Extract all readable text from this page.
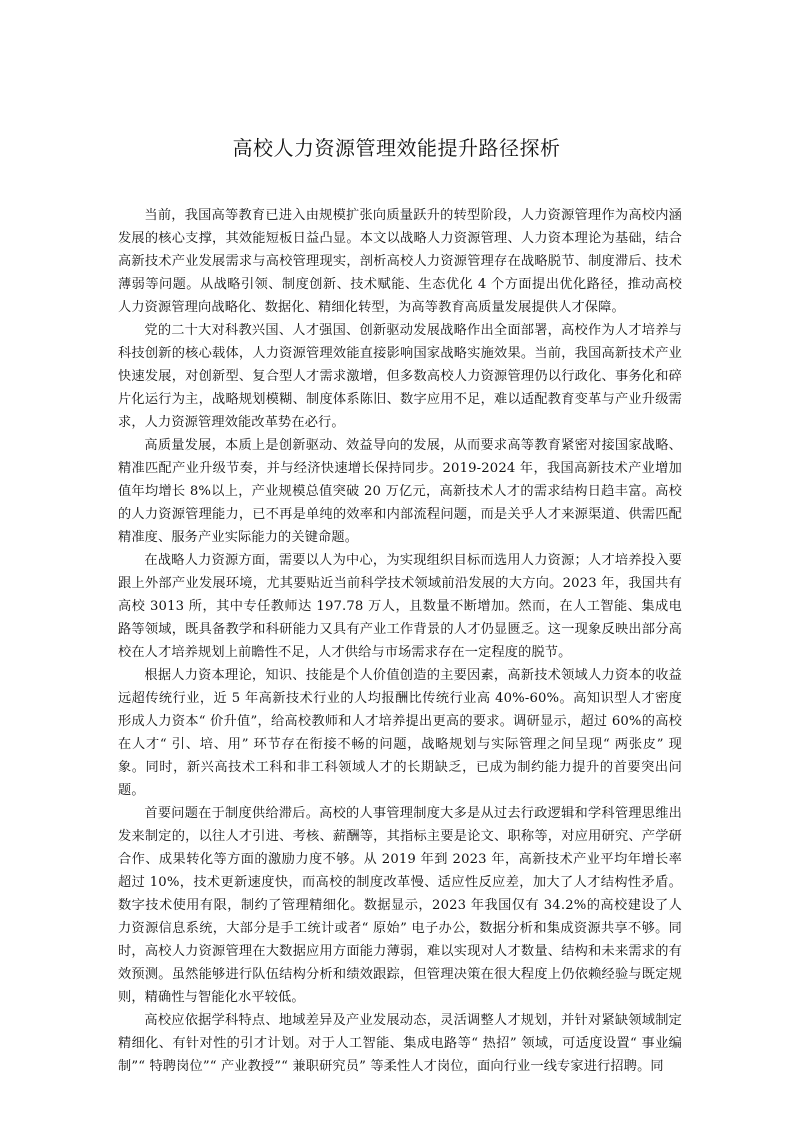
高校人力资源管理效能提升路径探析

当前，我国高等教育已进入由规模扩张向质量跃升的转型阶段，人力资源管理作为高校内涵发展的核心支撑，其效能短板日益凸显。本文以战略人力资源管理、人力资本理论为基础，结合高新技术产业发展需求与高校管理现实，剖析高校人力资源管理存在战略脱节、制度滞后、技术薄弱等问题。从战略引领、制度创新、技术赋能、生态优化 4 个方面提出优化路径，推动高校人力资源管理向战略化、数据化、精细化转型，为高等教育高质量发展提供人才保障。

党的二十大对科教兴国、人才强国、创新驱动发展战略作出全面部署，高校作为人才培养与科技创新的核心载体，人力资源管理效能直接影响国家战略实施效果。当前，我国高新技术产业快速发展，对创新型、复合型人才需求激增，但多数高校人力资源管理仍以行政化、事务化和碎片化运行为主，战略规划模糊、制度体系陈旧、数字应用不足，难以适配教育变革与产业升级需求，人力资源管理效能改革势在必行。

高质量发展，本质上是创新驱动、效益导向的发展，从而要求高等教育紧密对接国家战略、精准匹配产业升级节奏，并与经济快速增长保持同步。2019-2024 年，我国高新技术产业增加值年均增长 8%以上，产业规模总值突破 20 万亿元，高新技术人才的需求结构日趋丰富。高校的人力资源管理能力，已不再是单纯的效率和内部流程问题，而是关乎人才来源渠道、供需匹配精准度、服务产业实际能力的关键命题。

在战略人力资源方面，需要以人为中心，为实现组织目标而选用人力资源；人才培养投入要跟上外部产业发展环境，尤其要贴近当前科学技术领域前沿发展的大方向。2023 年，我国共有高校 3013 所，其中专任教师达 197.78 万人，且数量不断增加。然而，在人工智能、集成电路等领域，既具备教学和科研能力又具有产业工作背景的人才仍显匮乏。这一现象反映出部分高校在人才培养规划上前瞻性不足，人才供给与市场需求存在一定程度的脱节。

根据人力资本理论，知识、技能是个人价值创造的主要因素，高新技术领域人力资本的收益远超传统行业，近 5 年高新技术行业的人均报酬比传统行业高 40%-60%。高知识型人才密度形成人力资本“ 价升值”，给高校教师和人才培养提出更高的要求。调研显示，超过 60%的高校在人才“ 引、培、用” 环节存在衔接不畅的问题，战略规划与实际管理之间呈现“ 两张皮” 现象。同时，新兴高技术工科和非工科领域人才的长期缺乏，已成为制约能力提升的首要突出问题。

首要问题在于制度供给滞后。高校的人事管理制度大多是从过去行政逻辑和学科管理思维出发来制定的，以往人才引进、考核、薪酬等，其指标主要是论文、职称等，对应用研究、产学研合作、成果转化等方面的激励力度不够。从 2019 年到 2023 年，高新技术产业平均年增长率超过 10%，技术更新速度快，而高校的制度改革慢、适应性反应差，加大了人才结构性矛盾。数字技术使用有限，制约了管理精细化。数据显示，2023 年我国仅有 34.2%的高校建设了人力资源信息系统，大部分是手工统计或者“ 原始” 电子办公，数据分析和集成资源共享不够。同时，高校人力资源管理在大数据应用方面能力薄弱，难以实现对人才数量、结构和未来需求的有效预测。虽然能够进行队伍结构分析和绩效跟踪，但管理决策在很大程度上仍依赖经验与既定规则，精确性与智能化水平较低。

高校应依据学科特点、地域差异及产业发展动态，灵活调整人才规划，并针对紧缺领域制定精细化、有针对性的引才计划。对于人工智能、集成电路等“ 热招” 领域，可适度设置“ 事业编制”“ 特聘岗位”“ 产业教授”“ 兼职研究员” 等柔性人才岗位，面向行业一线专家进行招聘。同
